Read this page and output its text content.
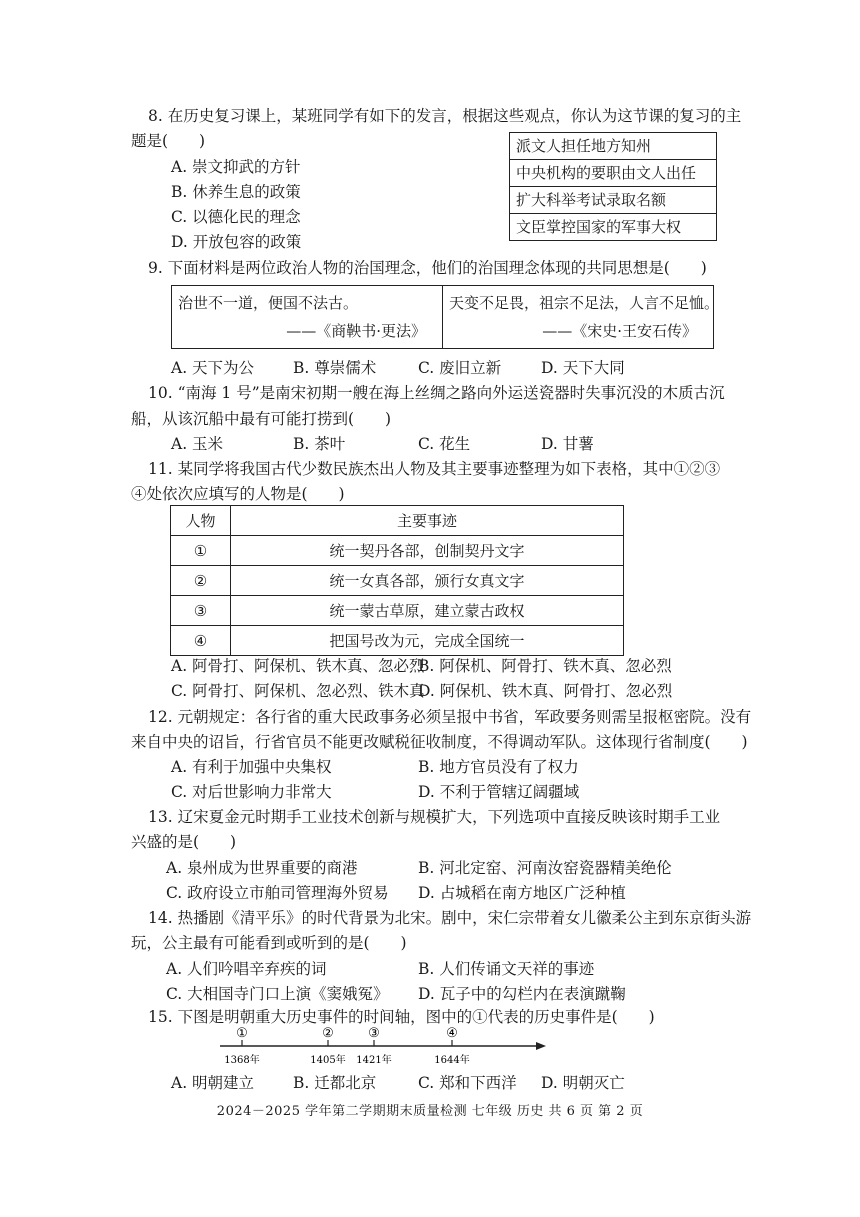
8. 在历史复习课上，某班同学有如下的发言，根据这些观点，你认为这节课的复习的主
题是(　　)
A. 崇文抑武的方针
B. 休养生息的政策
C. 以德化民的理念
D. 开放包容的政策
派文人担任地方知州
中央机构的要职由文人出任
扩大科举考试录取名额
文臣掌控国家的军事大权
9. 下面材料是两位政治人物的治国理念，他们的治国理念体现的共同思想是(　　)
治世不一道，便国不法古。
——《商鞅书·更法》
天变不足畏，祖宗不足法，人言不足恤。
——《宋史·王安石传》
A. 天下为公	B. 尊崇儒术	C. 废旧立新	D. 天下大同
10. “南海 1 号”是南宋初期一艘在海上丝绸之路向外运送瓷器时失事沉没的木质古沉
船，从该沉船中最有可能打捞到(　　)
A. 玉米	B. 茶叶	C. 花生	D. 甘薯
11. 某同学将我国古代少数民族杰出人物及其主要事迹整理为如下表格，其中①②③
④处依次应填写的人物是(　　)
人物	主要事迹
①	统一契丹各部，创制契丹文字
②	统一女真各部，颁行女真文字
③	统一蒙古草原，建立蒙古政权
④	把国号改为元，完成全国统一
A. 阿骨打、阿保机、铁木真、忽必烈
B. 阿保机、阿骨打、铁木真、忽必烈
C. 阿骨打、阿保机、忽必烈、铁木真
D. 阿保机、铁木真、阿骨打、忽必烈
12. 元朝规定：各行省的重大民政事务必须呈报中书省，军政要务则需呈报枢密院。没有
来自中央的诏旨，行省官员不能更改赋税征收制度，不得调动军队。这体现行省制度(　　)
A. 有利于加强中央集权	B. 地方官员没有了权力
C. 对后世影响力非常大	D. 不利于管辖辽阔疆域
13. 辽宋夏金元时期手工业技术创新与规模扩大，下列选项中直接反映该时期手工业
兴盛的是(　　)
A. 泉州成为世界重要的商港	B. 河北定窑、河南汝窑瓷器精美绝伦
C. 政府设立市舶司管理海外贸易 D. 占城稻在南方地区广泛种植
14. 热播剧《清平乐》的时代背景为北宋。剧中，宋仁宗带着女儿徽柔公主到东京街头游
玩，公主最有可能看到或听到的是(　　)
A. 人们吟唱辛弃疾的词	B. 人们传诵文天祥的事迹
C. 大相国寺门口上演《窦娥冤》 D. 瓦子中的勾栏内在表演蹴鞠
15. 下图是明朝重大历史事件的时间轴，图中的①代表的历史事件是(　　)
①	②	③	④
1368年	1405年 1421年	1644年
A. 明朝建立	B. 迁都北京	C. 郑和下西洋 D. 明朝灭亡
2024－2025 学年第二学期期末质量检测 七年级 历史 共 6 页 第 2 页
